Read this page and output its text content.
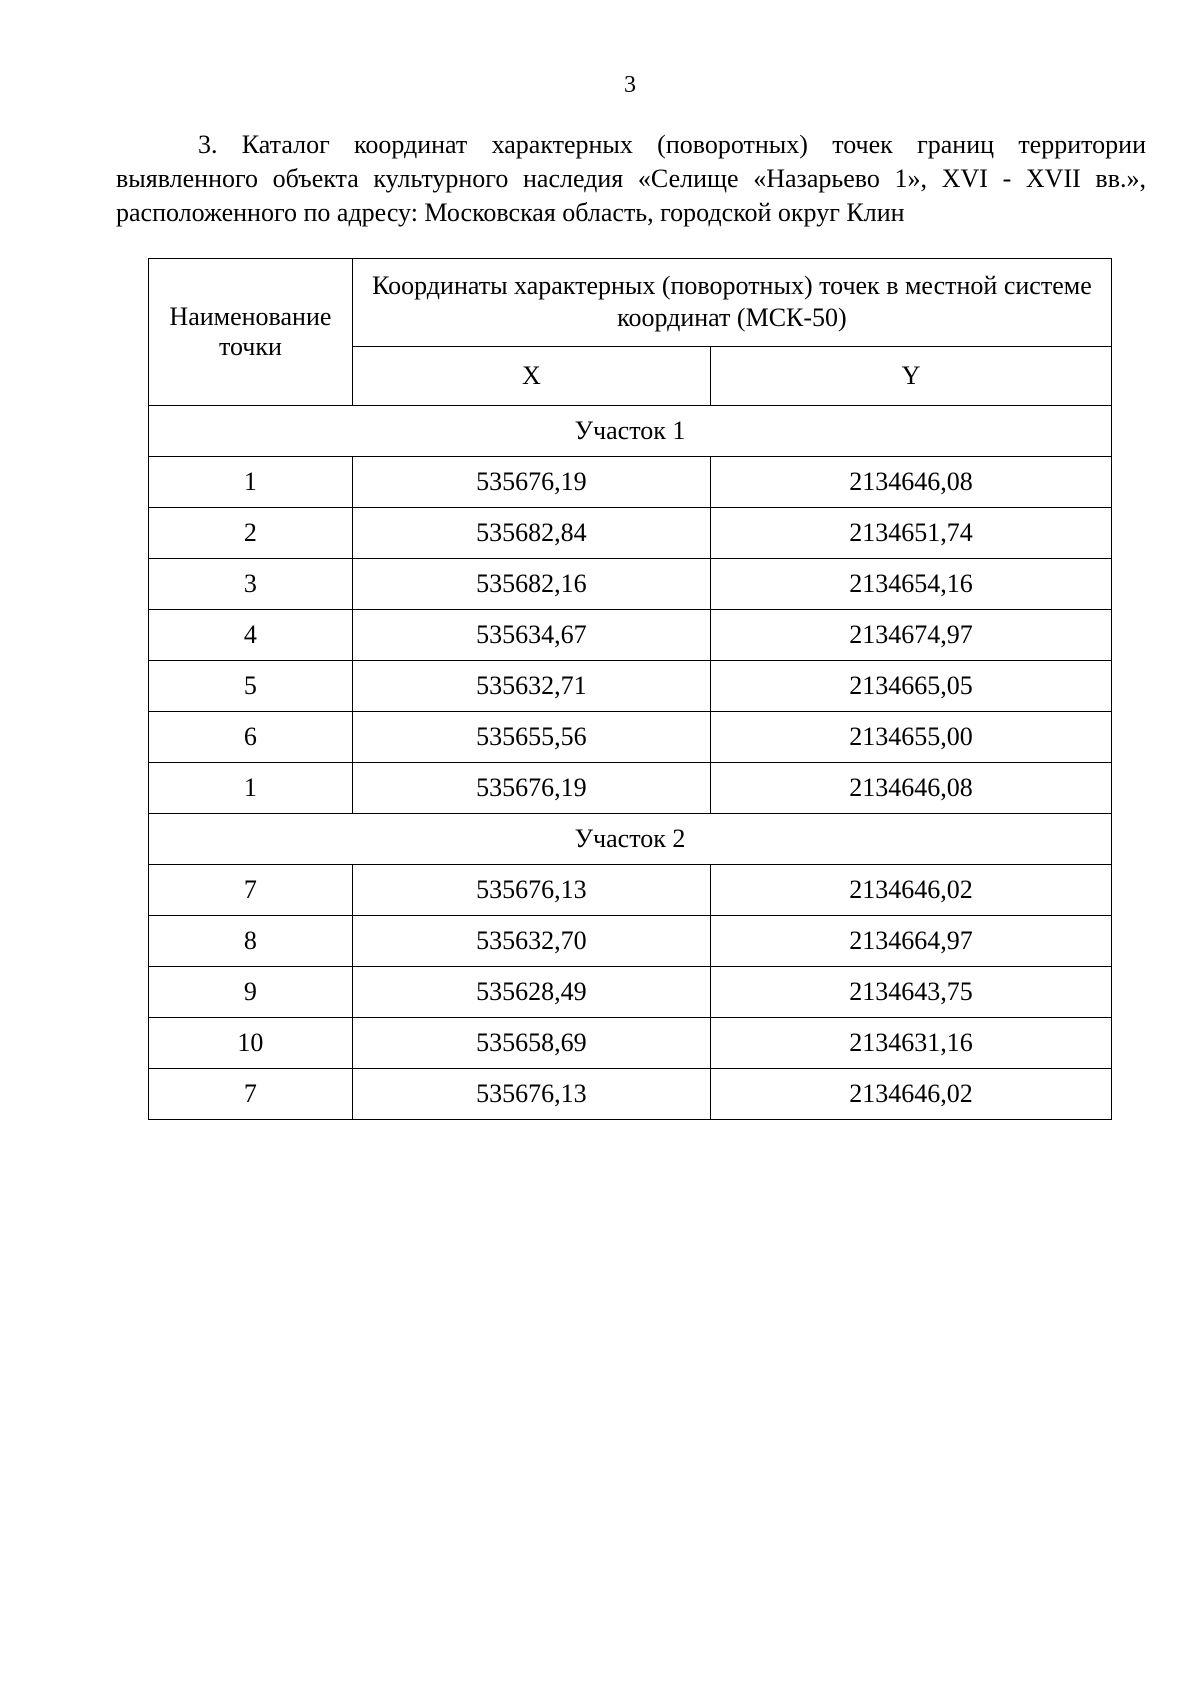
3
3. Каталог координат характерных (поворотных) точек границ территории выявленного объекта культурного наследия «Селище «Назарьево 1», XVI - XVII вв.», расположенного по адресу: Московская область, городской округ Клин
Наименование точки	Координаты характерных (поворотных) точек в местной системе координат (МСК-50)	
	X	Y
Участок 1		
1	535676,19	2134646,08
2	535682,84	2134651,74
3	535682,16	2134654,16
4	535634,67	2134674,97
5	535632,71	2134665,05
6	535655,56	2134655,00
1	535676,19	2134646,08
Участок 2		
7	535676,13	2134646,02
8	535632,70	2134664,97
9	535628,49	2134643,75
10	535658,69	2134631,16
7	535676,13	2134646,02
